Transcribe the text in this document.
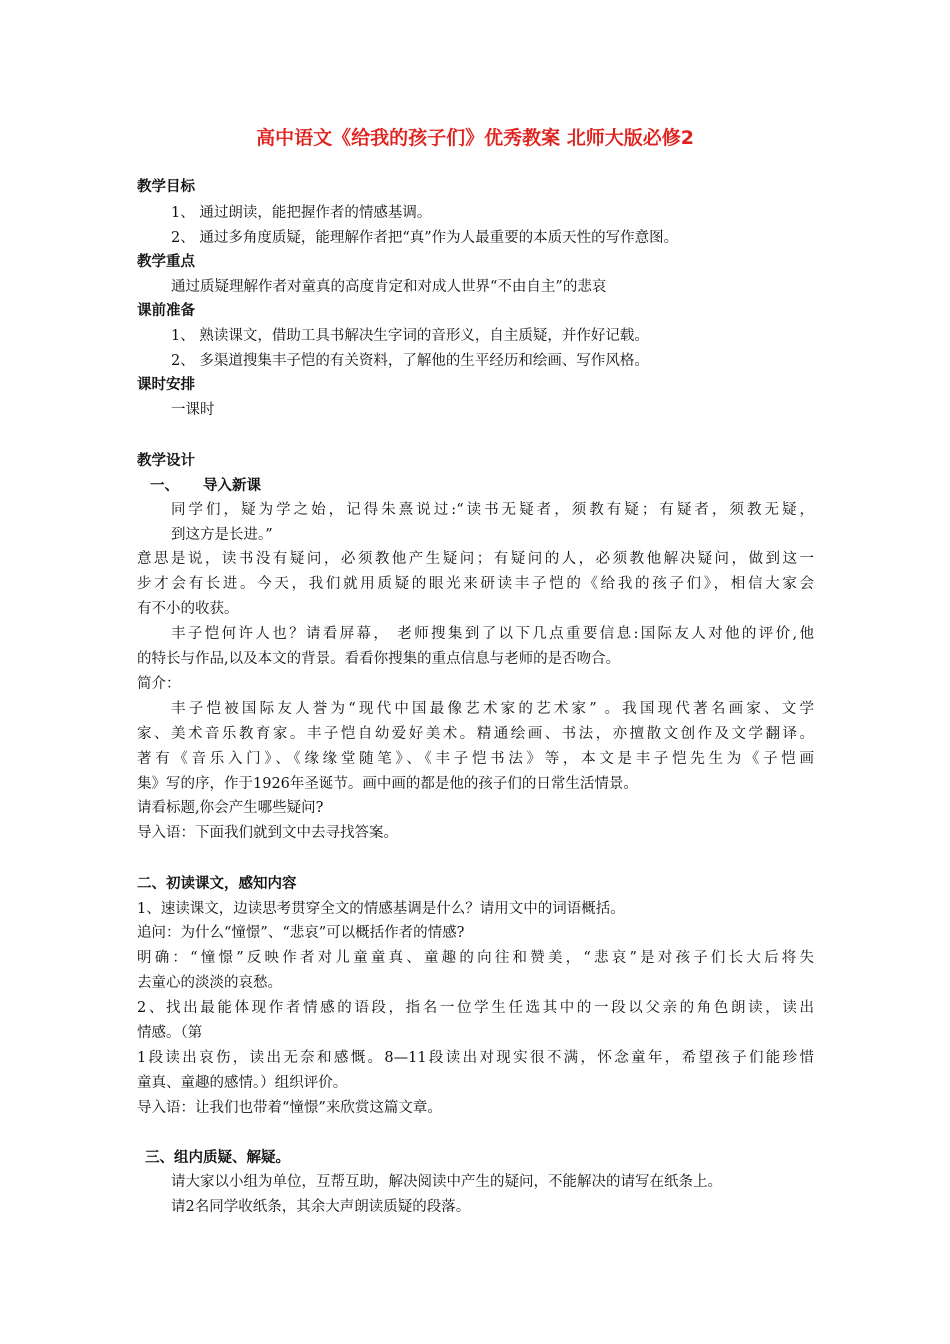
高中语文《给我的孩子们》优秀教案 北师大版必修2
教学目标
1、 通过朗读，能把握作者的情感基调。
2、 通过多角度质疑，能理解作者把“真”作为人最重要的本质天性的写作意图。
教学重点
通过质疑理解作者对童真的高度肯定和对成人世界“不由自主”的悲哀
课前准备
1、 熟读课文，借助工具书解决生字词的音形义，自主质疑，并作好记载。
2、 多渠道搜集丰子恺的有关资料，了解他的生平经历和绘画、写作风格。
课时安排
一课时
教学设计
一、 导入新课
同学们，疑为学之始，记得朱熹说过:“读书无疑者，须教有疑；有疑者，须教无疑，
到这方是长进。”
意思是说，读书没有疑问，必须教他产生疑问；有疑问的人，必须教他解决疑问，做到这一
步才会有长进。今天，我们就用质疑的眼光来研读丰子恺的《给我的孩子们》，相信大家会
有不小的收获。
丰子恺何许人也？请看屏幕， 老师搜集到了以下几点重要信息:国际友人对他的评价,他
的特长与作品,以及本文的背景。看看你搜集的重点信息与老师的是否吻合。
简介：
丰子恺被国际友人誉为“现代中国最像艺术家的艺术家” 。我国现代著名画家、文学
家、美术音乐教育家。丰子恺自幼爱好美术。精通绘画、书法，亦擅散文创作及文学翻译。
著有《音乐入门》、《缘缘堂随笔》、《丰子恺书法》等，本文是丰子恺先生为《子恺画
集》写的序，作于1926年圣诞节。画中画的都是他的孩子们的日常生活情景。
请看标题,你会产生哪些疑问?
导入语：下面我们就到文中去寻找答案。
二、初读课文，感知内容
1、速读课文，边读思考贯穿全文的情感基调是什么？请用文中的词语概括。
追问：为什么“憧憬”、“悲哀”可以概括作者的情感?
明确：“憧憬”反映作者对儿童童真、童趣的向往和赞美，“悲哀”是对孩子们长大后将失
去童心的淡淡的哀愁。
2、找出最能体现作者情感的语段，指名一位学生任选其中的一段以父亲的角色朗读，读出
情感。（第
1段读出哀伤，读出无奈和感慨。8—11段读出对现实很不满，怀念童年，希望孩子们能珍惜
童真、童趣的感情。）组织评价。
导入语：让我们也带着“憧憬”来欣赏这篇文章。
三、组内质疑、解疑。
请大家以小组为单位，互帮互助，解决阅读中产生的疑问，不能解决的请写在纸条上。
请2名同学收纸条，其余大声朗读质疑的段落。
